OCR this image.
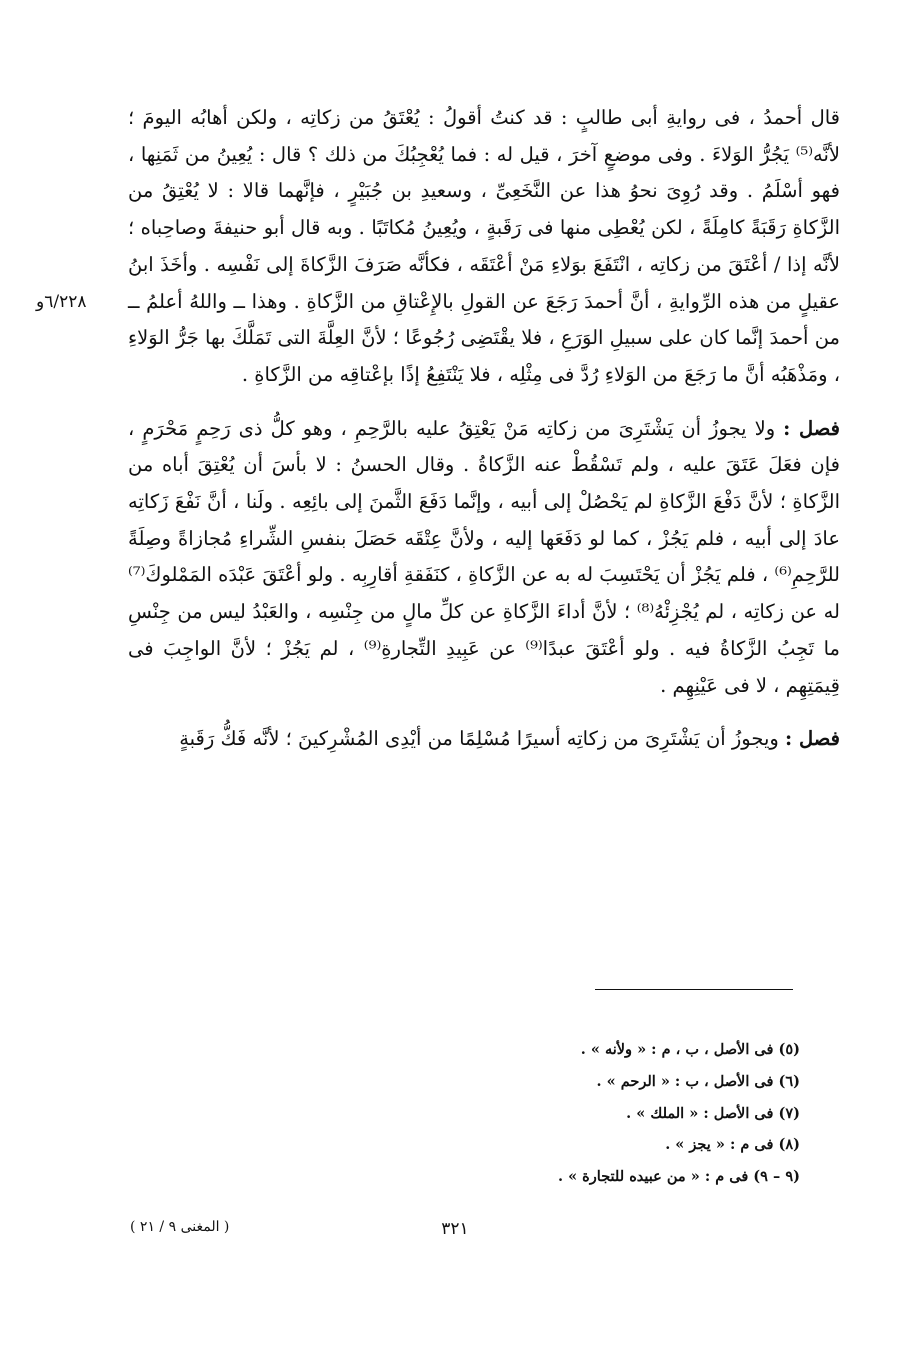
قال أحمدُ ، فى روايةِ أبى طالبٍ : قد كنتُ أقولُ : يُعْتَقُ من زكاتِه ، ولكن أهابُه اليومَ ؛ لأنَّه⁽⁵⁾ يَجُرُّ الوَلاءَ . وفى موضعٍ آخرَ ، قيل له : فما يُعْجِبُكَ من ذلك ؟ قال : يُعِينُ من ثَمَنِها ، فهو أسْلَمُ . وقد رُوِىَ نحوُ هذا عن النَّخَعِىِّ ، وسعيدِ بن جُبَيْرٍ ، فإنَّهما قالا : لا يُعْتِقُ من الزَّكاةِ رَقَبَةً كامِلَةً ، لكن يُعْطِى منها فى رَقَبةٍ ، ويُعِينُ مُكاتَبًا . وبه قال أبو حنيفةَ وصاحِباه ؛ لأنَّه إذا / أعْتَقَ من زكاتِه ، انْتَفَعَ بوَلاءِ مَنْ أعْتَقَه ، فكأنَّه صَرَفَ الزَّكاةَ إلى نَفْسِه . وأخَذَ ابنُ عقيلٍ من هذه الرِّوايةِ ، أنَّ أحمدَ رَجَعَ عن القولِ بالإِعْتاقِ من الزَّكاةِ . وهذا ــ واللهُ أعلمُ ــ من أحمدَ إنَّما كان على سبيلِ الوَرَعِ ، فلا يقْتَضِى رُجُوعًا ؛ لأنَّ العِلَّةَ التى تَمَلَّكَ بها جَرُّ الوَلاءِ ، ومَذْهَبُه أنَّ ما رَجَعَ من الوَلاءِ رُدَّ فى مِثْلِه ، فلا يَنْتَفِعُ إذًا بإعْتاقِه من الزَّكاةِ .

فصل : ولا يجوزُ أن يَشْتَرِىَ من زكاتِه مَنْ يَعْتِقُ عليه بالرَّحِمِ ، وهو كلُّ ذى رَحِمٍ مَحْرَمٍ ، فإن فعَلَ عَتَقَ عليه ، ولم تَسْقُطْ عنه الزَّكاةُ . وقال الحسنُ : لا بأسَ أن يُعْتِقَ أباه من الزَّكاةِ ؛ لأنَّ دَفْعَ الزَّكاةِ لم يَحْصُلْ إلى أبيه ، وإنَّما دَفَعَ الثَّمنَ إلى بائِعِه . ولَنا ، أنَّ نَفْعَ زَكاتِه عادَ إلى أبيه ، فلم يَجُزْ ، كما لو دَفَعَها إليه ، ولأنَّ عِتْقَه حَصَلَ بنفسِ الشِّراءِ مُجازاةً وصِلَةً للرَّحِمِ⁽⁶⁾ ، فلم يَجُزْ أن يَحْتَسِبَ له به عن الزَّكاةِ ، كنَفَقةِ أقارِبِه . ولو أعْتَقَ عَبْدَه المَمْلوكَ⁽⁷⁾ له عن زكاتِه ، لم يُجْزِئْهُ⁽⁸⁾ ؛ لأنَّ أداءَ الزَّكاةِ عن كلِّ مالٍ من جِنْسِه ، والعَبْدُ ليس من جِنْسِ ما تَجِبُ الزَّكاةُ فيه . ولو أعْتَقَ عبدًا⁽⁹⁾ عن عَبِيدِ التِّجارةِ⁽⁹⁾ ، لم يَجُزْ ؛ لأنَّ الواجِبَ فى قِيمَتِهِم ، لا فى عَيْنِهِم .

فصل : ويجوزُ أن يَشْتَرِىَ من زكاتِه أسيرًا مُسْلِمًا من أيْدِى المُشْرِكينَ ؛ لأنَّه فَكُّ رَقَبةٍ

٦/٢٢٨و
(٥) فى الأصل ، ب ، م : « ولأنه » .
(٦) فى الأصل ، ب : « الرحم » .
(٧) فى الأصل : « الملك » .
(٨) فى م : « يجز » .
(٩ – ٩) فى م : « من عبيده للتجارة » .
٣٢١
( المغنى ٩ / ٢١ )
